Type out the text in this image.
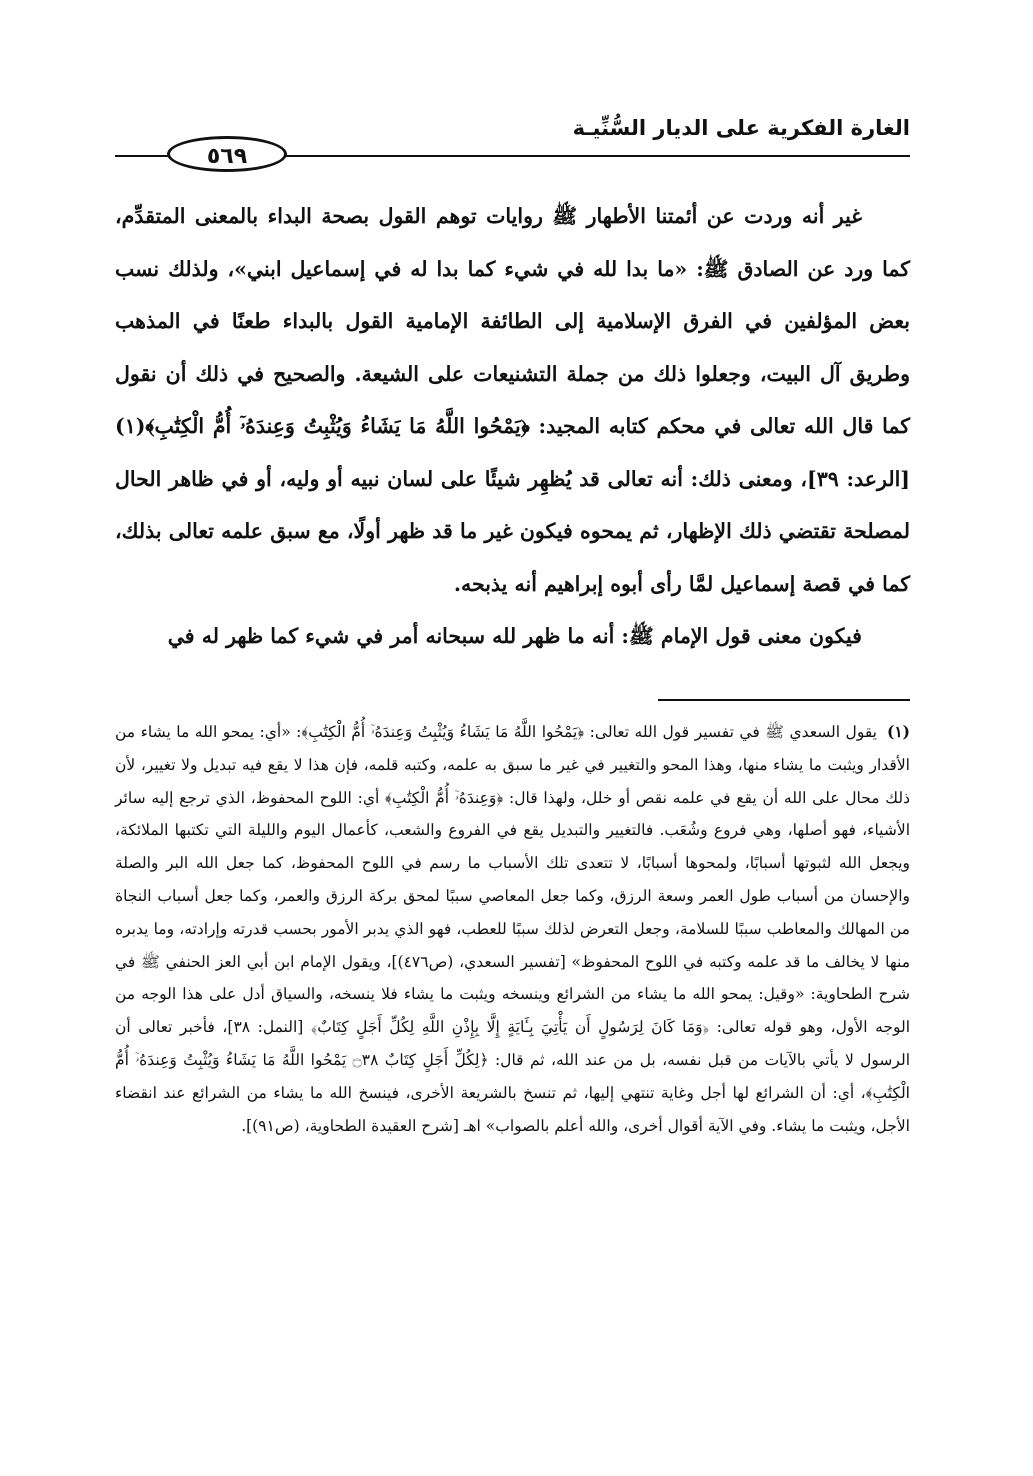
الغارة الفكرية على الديار السُّنِّيـة
٥٦٩

غير أنه وردت عن أئمتنا الأطهار ﷺ روايات توهم القول بصحة البداء بالمعنى المتقدِّم، كما ورد عن الصادق ﷺ: «ما بدا لله في شيء كما بدا له في إسماعيل ابني»، ولذلك نسب بعض المؤلفين في الفرق الإسلامية إلى الطائفة الإمامية القول بالبداء طعنًا في المذهب وطريق آل البيت، وجعلوا ذلك من جملة التشنيعات على الشيعة. والصحيح في ذلك أن نقول كما قال الله تعالى في محكم كتابه المجيد: ﴿يَمْحُوا اللَّهُ مَا يَشَاءُ وَيُثْبِتُ وَعِندَهُۥٓ أُمُّ الْكِتَٰبِ﴾(١) [الرعد: ٣٩]، ومعنى ذلك: أنه تعالى قد يُظهِر شيئًا على لسان نبيه أو وليه، أو في ظاهر الحال لمصلحة تقتضي ذلك الإظهار، ثم يمحوه فيكون غير ما قد ظهر أولًا، مع سبق علمه تعالى بذلك، كما في قصة إسماعيل لمَّا رأى أبوه إبراهيم أنه يذبحه.

فيكون معنى قول الإمام ﷺ: أنه ما ظهر لله سبحانه أمر في شيء كما ظهر له في

(١)يقول السعدي ﷺ في تفسير قول الله تعالى: ﴿يَمْحُوا اللَّهُ مَا يَشَاءُ وَيُثْبِتُ وَعِندَهُۥٓ أُمُّ الْكِتَٰبِ﴾: «أي: يمحو الله ما يشاء من الأقدار ويثبت ما يشاء منها، وهذا المحو والتغيير في غير ما سبق به علمه، وكتبه قلمه، فإن هذا لا يقع فيه تبديل ولا تغيير، لأن ذلك محال على الله أن يقع في علمه نقص أو خلل، ولهذا قال: ﴿وَعِندَهُۥٓ أُمُّ الْكِتَٰبِ﴾ أي: اللوح المحفوظ، الذي ترجع إليه سائر الأشياء، فهو أصلها، وهي فروع وشُعَب. فالتغيير والتبديل يقع في الفروع والشعب، كأعمال اليوم والليلة التي تكتبها الملائكة، ويجعل الله لثبوتها أسبابًا، ولمحوها أسبابًا، لا تتعدى تلك الأسباب ما رسم في اللوح المحفوظ، كما جعل الله البر والصلة والإحسان من أسباب طول العمر وسعة الرزق، وكما جعل المعاصي سببًا لمحق بركة الرزق والعمر، وكما جعل أسباب النجاة من المهالك والمعاطب سببًا للسلامة، وجعل التعرض لذلك سببًا للعطب، فهو الذي يدبر الأمور بحسب قدرته وإرادته، وما يدبره منها لا يخالف ما قد علمه وكتبه في اللوح المحفوظ» [تفسير السعدي، (ص٤٧٦)]، ويقول الإمام ابن أبي العز الحنفي ﷺ في شرح الطحاوية: «وقيل: يمحو الله ما يشاء من الشرائع وينسخه ويثبت ما يشاء فلا ينسخه، والسياق أدل على هذا الوجه من الوجه الأول، وهو قوله تعالى: ﴿وَمَا كَانَ لِرَسُولٍ أَن يَأْتِيَ بِـَٔايَةٍ إِلَّا بِإِذْنِ اللَّهِ لِكُلِّ أَجَلٍ كِتَابٌ﴾ [النمل: ٣٨]، فأخبر تعالى أن الرسول لا يأتي بالآيات من قبل نفسه، بل من عند الله، ثم قال: ﴿لِكُلِّ أَجَلٍ كِتَابٌ ۝٣٨ يَمْحُوا اللَّهُ مَا يَشَاءُ وَيُثْبِتُ وَعِندَهُۥٓ أُمُّ الْكِتَٰبِ﴾، أي: أن الشرائع لها أجل وغاية تنتهي إليها، ثم تنسخ بالشريعة الأخرى، فينسخ الله ما يشاء من الشرائع عند انقضاء الأجل، ويثبت ما يشاء. وفي الآية أقوال أخرى، والله أعلم بالصواب» اهـ [شرح العقيدة الطحاوية، (ص٩١)].
